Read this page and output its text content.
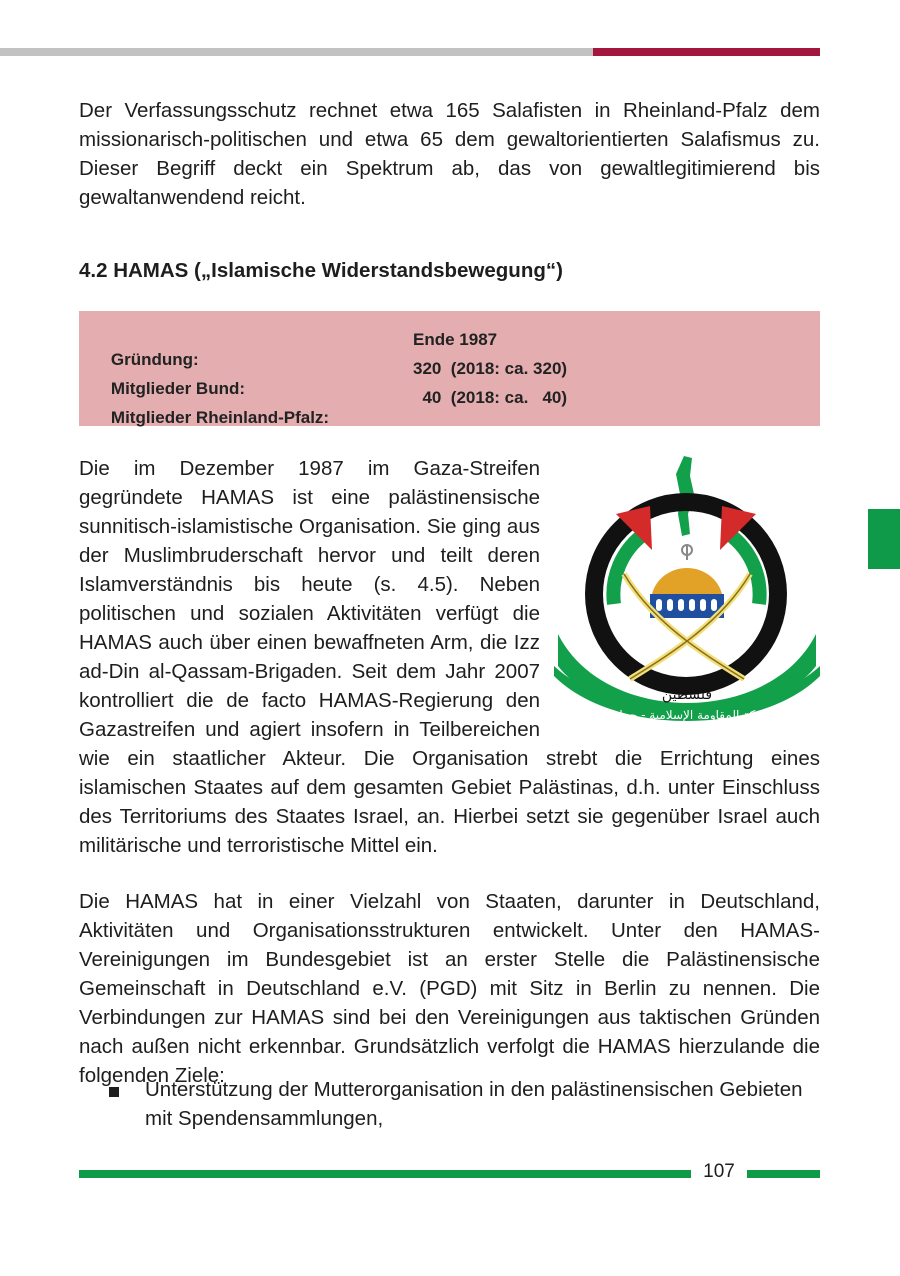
Der Verfassungsschutz rechnet etwa 165 Salafisten in Rheinland-Pfalz dem missionarisch-politischen und etwa 65 dem gewaltorientierten Salafismus zu. Dieser Begriff deckt ein Spektrum ab, das von gewaltlegitimierend bis gewaltanwendend reicht.

4.2 HAMAS („Islamische Widerstandsbewegung“)

Gründung:

Ende 1987

Mitglieder Bund:

320  (2018: ca. 320)

Mitglieder Rheinland-Pfalz:

40  (2018: ca.   40)

فلسطين
حركة المقاومة الإسلامية - حماس

Die im Dezember 1987 im Gaza-Streifen gegründete HAMAS ist eine palästinensische sunnitisch-islamistische Organisation. Sie ging aus der Muslimbruderschaft hervor und teilt deren Islamverständnis bis heute (s. 4.5). Neben politischen und sozialen Aktivitäten verfügt die HAMAS auch über einen bewaffneten Arm, die Izz ad-Din al-Qassam-Brigaden. Seit dem Jahr 2007 kontrolliert die de facto HAMAS-Regierung den Gazastreifen und agiert insofern in Teilbereichen wie ein staatlicher Akteur. Die Organisation strebt die Errichtung eines islamischen Staates auf dem gesamten Gebiet Palästinas, d.h. unter Einschluss des Territoriums des Staates Israel, an. Hierbei setzt sie gegenüber Israel auch militärische und terroristische Mittel ein.

Die HAMAS hat in einer Vielzahl von Staaten, darunter in Deutschland, Aktivitäten und Organisationsstrukturen entwickelt. Unter den HAMAS-Vereinigungen im Bundesgebiet ist an erster Stelle die Palästinensische Gemeinschaft in Deutschland e.V. (PGD) mit Sitz in Berlin zu nennen. Die Verbindungen zur HAMAS sind bei den Vereinigungen aus taktischen Gründen nach außen nicht erkennbar. Grundsätzlich verfolgt die HAMAS hierzulande die folgenden Ziele:

Unterstützung der Mutterorganisation in den palästinensischen Gebieten mit Spendensammlungen,

107
